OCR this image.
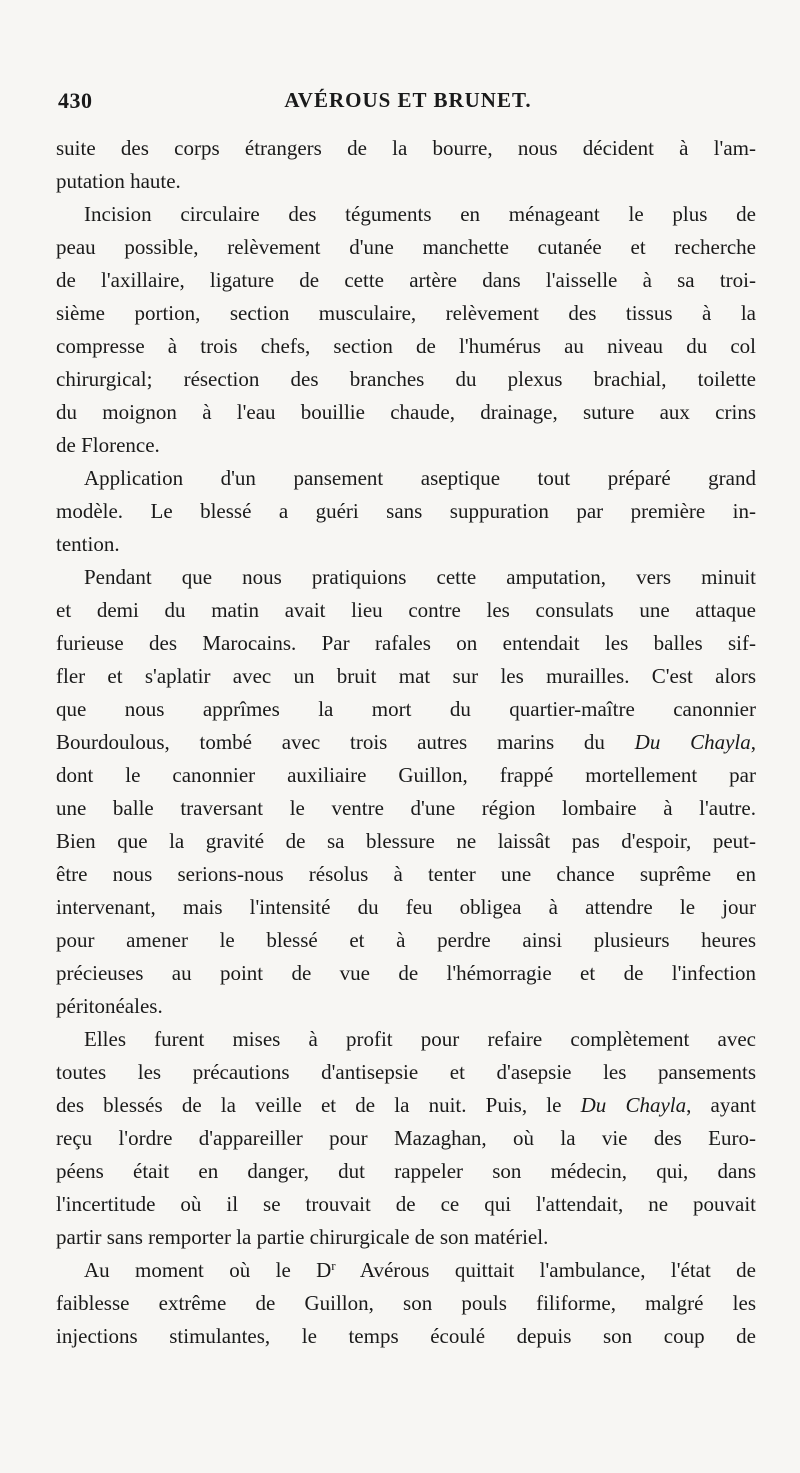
430	AVÉROUS ET BRUNET.
suite des corps étrangers de la bourre, nous décident à l'am-
putation haute.
Incision circulaire des téguments en ménageant le plus de
peau possible, relèvement d'une manchette cutanée et recherche
de l'axillaire, ligature de cette artère dans l'aisselle à sa troi-
sième portion, section musculaire, relèvement des tissus à la
compresse à trois chefs, section de l'humérus au niveau du col
chirurgical; résection des branches du plexus brachial, toilette
du moignon à l'eau bouillie chaude, drainage, suture aux crins
de Florence.
Application d'un pansement aseptique tout préparé grand
modèle. Le blessé a guéri sans suppuration par première in-
tention.
Pendant que nous pratiquions cette amputation, vers minuit
et demi du matin avait lieu contre les consulats une attaque
furieuse des Marocains. Par rafales on entendait les balles sif-
fler et s'aplatir avec un bruit mat sur les murailles. C'est alors
que nous apprîmes la mort du quartier-maître canonnier
Bourdoulous, tombé avec trois autres marins du Du Chayla,
dont le canonnier auxiliaire Guillon, frappé mortellement par
une balle traversant le ventre d'une région lombaire à l'autre.
Bien que la gravité de sa blessure ne laissât pas d'espoir, peut-
être nous serions-nous résolus à tenter une chance suprême en
intervenant, mais l'intensité du feu obligea à attendre le jour
pour amener le blessé et à perdre ainsi plusieurs heures
précieuses au point de vue de l'hémorragie et de l'infection
péritonéales.
Elles furent mises à profit pour refaire complètement avec
toutes les précautions d'antisepsie et d'asepsie les pansements
des blessés de la veille et de la nuit. Puis, le Du Chayla, ayant
reçu l'ordre d'appareiller pour Mazaghan, où la vie des Euro-
péens était en danger, dut rappeler son médecin, qui, dans
l'incertitude où il se trouvait de ce qui l'attendait, ne pouvait
partir sans remporter la partie chirurgicale de son matériel.
Au moment où le $D^r$ Avérous quittait l'ambulance, l'état de
faiblesse extrême de Guillon, son pouls filiforme, malgré les
injections stimulantes, le temps écoulé depuis son coup de
